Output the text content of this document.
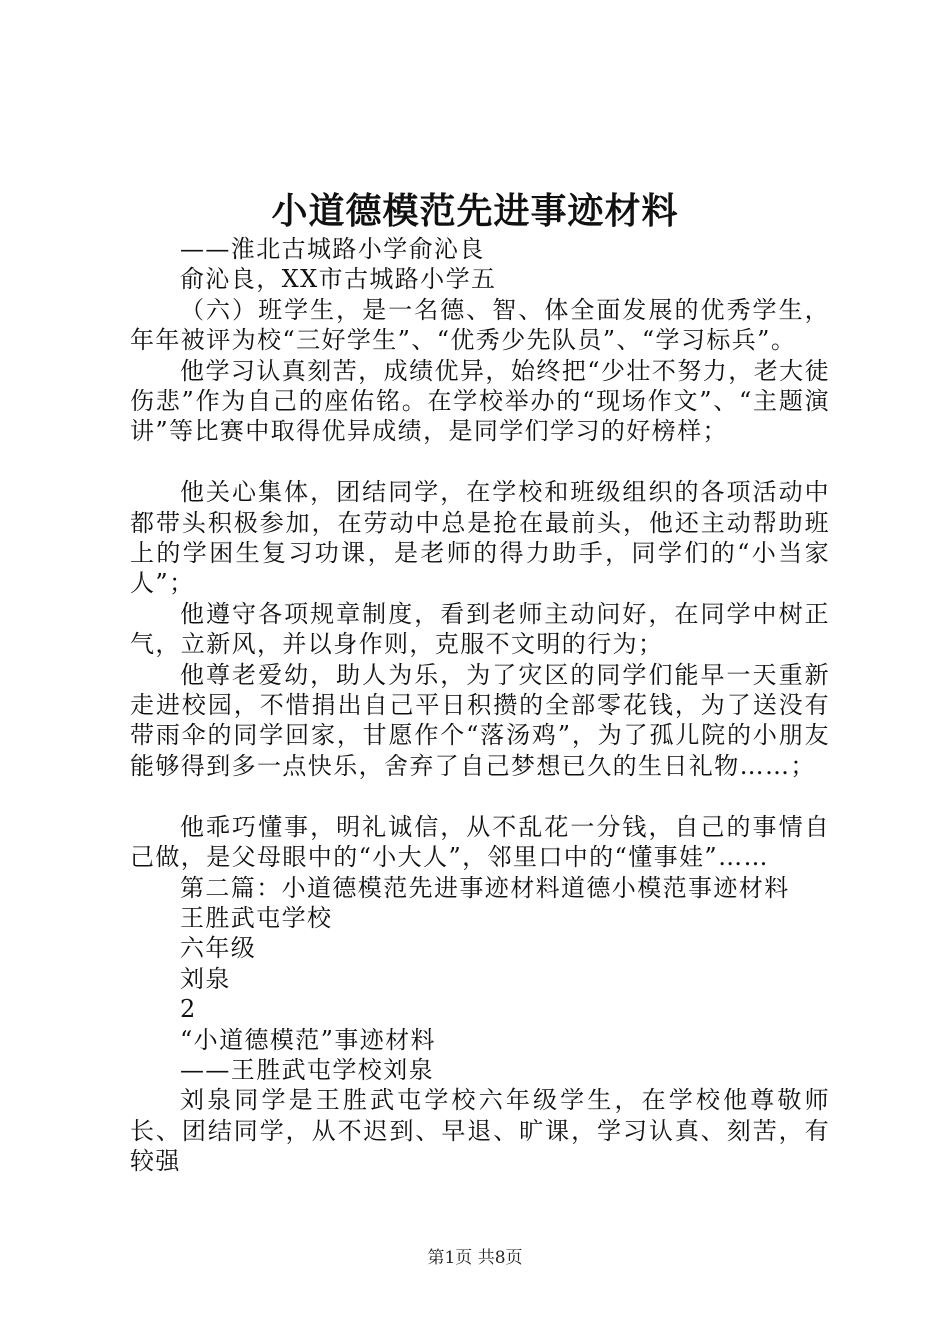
小道德模范先进事迹材料

——淮北古城路小学俞沁良

俞沁良，XX市古城路小学五

（六）班学生，是一名德、智、体全面发展的优秀学生，年年被评为校“三好学生”、“优秀少先队员”、“学习标兵”。

他学习认真刻苦，成绩优异，始终把“少壮不努力，老大徒伤悲”作为自己的座佑铭。在学校举办的“现场作文”、“主题演讲”等比赛中取得优异成绩，是同学们学习的好榜样；

他关心集体，团结同学，在学校和班级组织的各项活动中都带头积极参加，在劳动中总是抢在最前头，他还主动帮助班上的学困生复习功课，是老师的得力助手，同学们的“小当家人”；

他遵守各项规章制度，看到老师主动问好，在同学中树正气，立新风，并以身作则，克服不文明的行为；

他尊老爱幼，助人为乐，为了灾区的同学们能早一天重新走进校园，不惜捐出自己平日积攒的全部零花钱，为了送没有带雨伞的同学回家，甘愿作个“落汤鸡”，为了孤儿院的小朋友能够得到多一点快乐，舍弃了自己梦想已久的生日礼物……；

他乖巧懂事，明礼诚信，从不乱花一分钱，自己的事情自己做，是父母眼中的“小大人”，邻里口中的“懂事娃”……

第二篇：小道德模范先进事迹材料道德小模范事迹材料

王胜武屯学校

六年级

刘泉

2

“小道德模范”事迹材料

——王胜武屯学校刘泉

刘泉同学是王胜武屯学校六年级学生，在学校他尊敬师长、团结同学，从不迟到、早退、旷课，学习认真、刻苦，有较强

第1页 共8页
